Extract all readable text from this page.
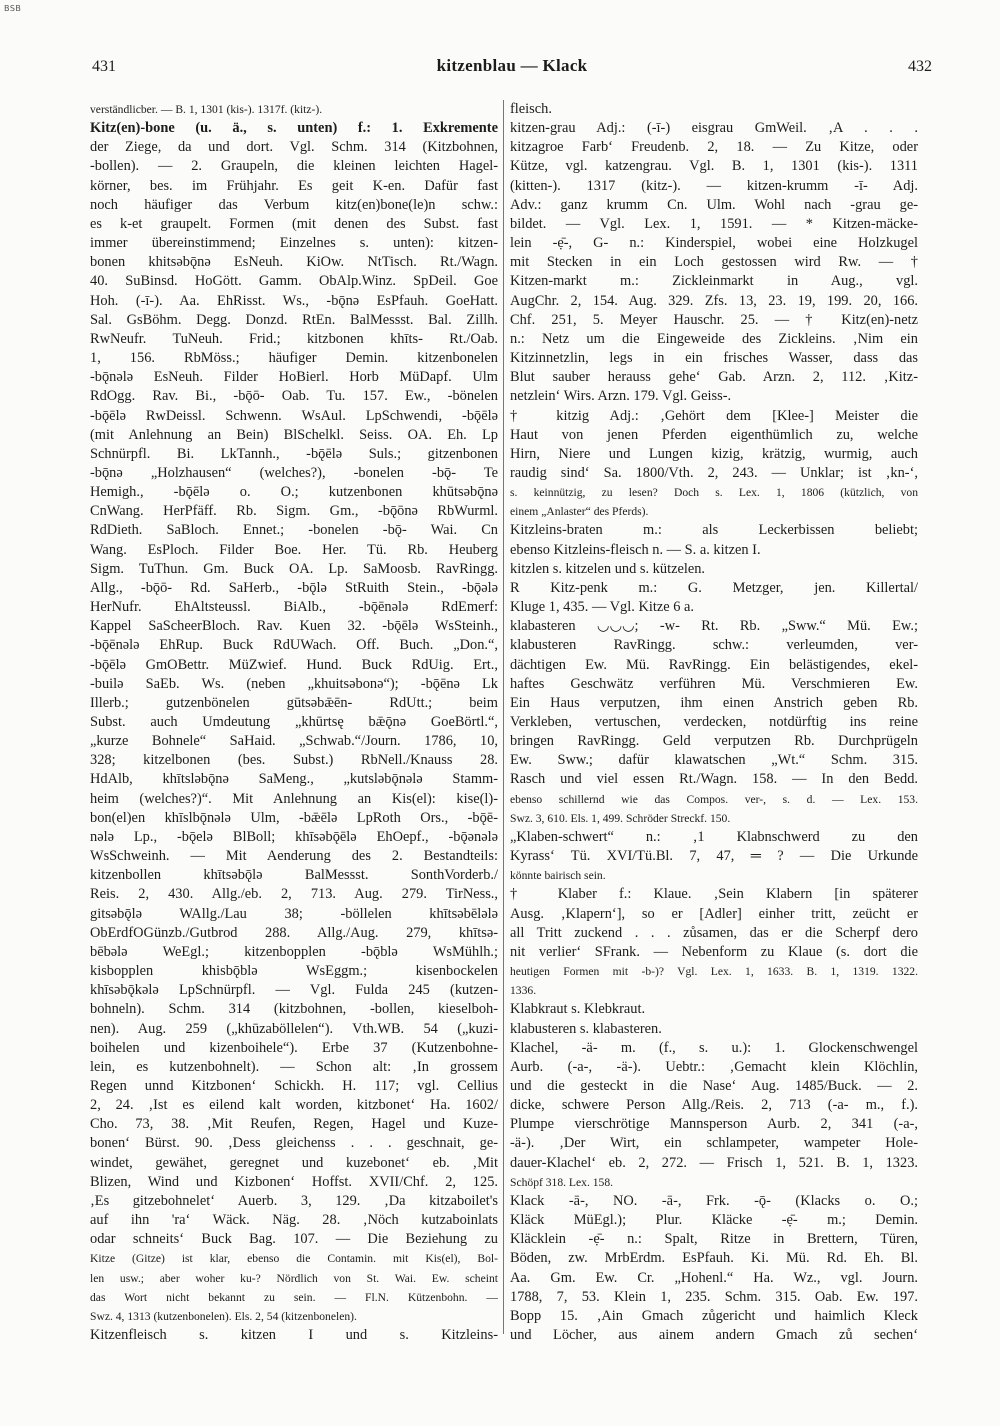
BSB
431	kitzenblau — Klack	432
verständlicber. — B. 1, 1301 (kis-). 1317f. (kitz-).
Kitz(en)-bone (u. ä., s. unten) f.: 1. Exkremente
der Ziege, da und dort. Vgl. Schm. 314 (Kitzbohnen,
-bollen). — 2. Graupeln, die kleinen leichten Hagel-
körner, bes. im Frühjahr. Es geit K-en. Dafür fast
noch häufiger das Verbum kitz(en)bone(le)n schw.:
es k-et graupelt. Formen (mit denen des Subst. fast
immer übereinstimmend; Einzelnes s. unten): kitzen-
bonen khitsəbǭnə EsNeuh. KiOw. NtTisch. Rt./Wagn.
40. SuBinsd. HoGött. Gamm. ObAlp.Winz. SpDeil. Goe
Hoh. (-ī-). Aa. EhRisst. Ws., -bǭnə EsPfauh. GoeHatt.
Sal. GsBöhm. Degg. Donzd. RtEn. BalMessst. Bal. Zillh.
RwNeufr. TuNeuh. Frid.; kitzbonen khīts- Rt./Oab.
1, 156. RbMöss.; häufiger Demin. kitzenbonelen
-bǭnələ EsNeuh. Filder HoBierl. Horb MüDapf. Ulm
RdOgg. Rav. Bi., -bǭō- Oab. Tu. 157. Ew., -bönelen
-bǭēlə RwDeissl. Schwenn. WsAul. LpSchwendi, -bǭēlə
(mit Anlehnung an Bein) BlSchelkl. Seiss. OA. Eh. Lp
Schnürpfl. Bi. LkTannh., -bǭēlə Suls.; gitzenbonen
-bǭnə „Holzhausen“ (welches?), -bonelen -bǭ- Te
Hemigh., -bǭēlə o. O.; kutzenbonen khūtsəbǭnə
CnWang. HerPfäff. Rb. Sigm. Gm., -bǭōnə RbWurml.
RdDieth. SaBloch. Ennet.; -bonelen -bǭ- Wai. Cn
Wang. EsPloch. Filder Boe. Her. Tü. Rb. Heuberg
Sigm. TuThun. Gm. Buck OA. Lp. SaMoosb. RavRingg.
Allg., -bǭō- Rd. SaHerb., -bǭlə StRuith Stein., -bǭələ
HerNufr. EhAltsteussl. BiAlb., -bǭēnələ RdEmerf:
Kappel SaScheerBloch. Rav. Kuen 32. -bǭēlə WsSteinh.,
-bǭēnələ EhRup. Buck RdUWach. Off. Buch. „Don.“,
-bǭēlə GmOBettr. MüZwief. Hund. Buck RdUig. Ert.,
-builə SaEb. Ws. (neben „khuitsəbonə“); -bǭēnə Lk
Illerb.; gutzenbönelen gūtsəbǣēn- RdUtt.; beim
Subst. auch Umdeutung „khūrtsę bǣǭnə GoeBörtl.“,
„kurze Bohnele“ SaHaid. „Schwab.“/Journ. 1786, 10,
328; kitzelbonen (bes. Subst.) RbNell./Knauss 28.
HdAlb, khītsləbǭnə SaMeng., „kutsləbǭnələ Stamm-
heim (welches?)“. Mit Anlehnung an Kis(el): kise(l)-
bon(el)en khīslbǭnələ Ulm, -bǣēlə LpRoth Ors., -bǭē-
nələ Lp., -bǭelə BlBoll; khīsəbǭēlə EhOepf., -bǭənələ
WsSchweinh. — Mit Aenderung des 2. Bestandteils:
kitzenbollen khītsəbǭlə BalMessst. SonthVorderb./
Reis. 2, 430. Allg./eb. 2, 713. Aug. 279. TirNess.,
gitsəbǭlə WAllg./Lau 38; -böllelen khītsəbēlələ
ObErdfOGünzb./Gutbrod 288. Allg./Aug. 279, khītsə-
bēbələ WeEgl.; kitzenbopplen -bǭblə WsMühlh.;
kisbopplen khisbǭblə WsEggm.; kisenbockelen
khīsəbǭkələ LpSchnürpfl. — Vgl. Fulda 245 (kutzen-
bohneln). Schm. 314 (kitzbohnen, -bollen, kieselboh-
nen). Aug. 259 („khūzaböllelen“). Vth.WB. 54 („kuzi-
boihelen und kizenboihele“). Erbe 37 (Kutzenbohne-
lein, es kutzenbohnelt). — Schon alt: ‚In grossem
Regen unnd Kitzbonen‘ Schickh. H. 117; vgl. Cellius
2, 24. ‚Ist es eilend kalt worden, kitzbonet‘ Ha. 1602/
Cho. 73, 38. ‚Mit Reufen, Regen, Hagel und Kuze-
bonen‘ Bürst. 90. ‚Dess gleichenss . . . geschnait, ge-
windet, gewähet, geregnet und kuzebonet‘ eb. ‚Mit
Blizen, Wind und Kizbonen‘ Hoffst. XVII/Chf. 2, 125.
‚Es gitzebohnelet‘ Auerb. 3, 129. ‚Da kitzaboilet's
auf ihn 'ra‘ Wäck. Näg. 28. ‚Nöch kutzaboinlats
odar schneits‘ Buck Bag. 107. — Die Beziehung zu
Kitze (Gitze) ist klar, ebenso die Contamin. mit Kis(el), Bol-
len usw.; aber woher ku-? Nördlich von St. Wai. Ew. scheint
das Wort nicht bekannt zu sein. — Fl.N. Kützenbohn. —
Swz. 4, 1313 (kutzenbonelen). Els. 2, 54 (kitzenbonelen).
Kitzenfleisch s. kitzen I und s. Kitzleins-
fleisch.
kitzen-grau Adj.: (-ī-) eisgrau GmWeil. ‚A . . .
kitzagroe Farb‘ Freudenb. 2, 18. — Zu Kitze, oder
Kütze, vgl. katzengrau. Vgl. B. 1, 1301 (kis-). 1311
(kitten-). 1317 (kitz-). — kitzen-krumm -ī- Adj.
Adv.: ganz krumm Cn. Ulm. Wohl nach -grau ge-
bildet. — Vgl. Lex. 1, 1591. — * Kitzen-mäcke-
lein -ẹ̄-, G- n.: Kinderspiel, wobei eine Holzkugel
mit Stecken in ein Loch gestossen wird Rw. — †
Kitzen-markt m.: Zickleinmarkt in Aug., vgl.
AugChr. 2, 154. Aug. 329. Zfs. 13, 23. 19, 199. 20, 166.
Chf. 251, 5. Meyer Hauschr. 25. — † Kitz(en)-netz
n.: Netz um die Eingeweide des Zickleins. ‚Nim ein
Kitzinnetzlin, legs in ein frisches Wasser, dass das
Blut sauber herauss gehe‘ Gab. Arzn. 2, 112. ‚Kitz-
netzlein‘ Wirs. Arzn. 179. Vgl. Geiss-.
† kitzig Adj.: ‚Gehört dem [Klee-] Meister die
Haut von jenen Pferden eigenthümlich zu, welche
Hirn, Niere und Lungen kizig, krätzig, wurmig, auch
raudig sind‘ Sa. 1800/Vth. 2, 243. — Unklar; ist ‚kn-‘,
s. keinnützig, zu lesen? Doch s. Lex. 1, 1806 (kützlich, von
einem „Anlaster“ des Pferds).
Kitzleins-braten m.: als Leckerbissen beliebt;
ebenso Kitzleins-fleisch n. — S. a. kitzen I.
kitzlen s. kitzelen und s. kützelen.
R Kitz-penk m.: G. Metzger, jen. Killertal/
Kluge 1, 435. — Vgl. Kitze 6 a.
klabasteren ◡◡◡; -w- Rt. Rb. „Sww.“ Mü. Ew.;
klabusteren RavRingg. schw.: verleumden, ver-
dächtigen Ew. Mü. RavRingg. Ein belästigendes, ekel-
haftes Geschwätz verführen Mü. Verschmieren Ew.
Ein Haus verputzen, ihm einen Anstrich geben Rb.
Verkleben, vertuschen, verdecken, notdürftig ins reine
bringen RavRingg. Geld verputzen Rb. Durchprügeln
Ew. Sww.; dafür klawatschen „Wt.“ Schm. 315.
Rasch und viel essen Rt./Wagn. 158. — In den Bedd.
ebenso schillernd wie das Compos. ver-, s. d. — Lex. 153.
Swz. 3, 610. Els. 1, 499. Schröder Streckf. 150.
„Klaben-schwert“ n.: ‚1 Klabnschwerd zu den
Kyrass‘ Tü. XVI/Tü.Bl. 7, 47, ═ ? — Die Urkunde
könnte bairisch sein.
† Klaber f.: Klaue. ‚Sein Klabern [in späterer
Ausg. ‚Klapern‘], so er [Adler] einher tritt, zeücht er
all Tritt zuckend . . . zůsamen, das er die Scherpf dero
nit verlier‘ SFrank. — Nebenform zu Klaue (s. dort die
heutigen Formen mit -b-)? Vgl. Lex. 1, 1633. B. 1, 1319. 1322.
1336.
Klabkraut s. Klebkraut.
klabusteren s. klabasteren.
Klachel, -ä- m. (f., s. u.): 1. Glockenschwengel
Aurb. (-a-, -ä-). Uebtr.: ‚Gemacht klein Klöchlin,
und die gesteckt in die Nase‘ Aug. 1485/Buck. — 2.
dicke, schwere Person Allg./Reis. 2, 713 (-a- m., f.).
Plumpe vierschrötige Mannsperson Aurb. 2, 341 (-a-,
-ä-). ‚Der Wirt, ein schlampeter, wampeter Hole-
dauer-Klachel‘ eb. 2, 272. — Frisch 1, 521. B. 1, 1323.
Schöpf 318. Lex. 158.
Klack -ā-, NO. -ā-, Frk. -ǭ- (Klacks o. O.;
Kläck MüEgl.); Plur. Kläcke -ẹ̄- m.; Demin.
Kläcklein -ẹ̄- n.: Spalt, Ritze in Brettern, Türen,
Böden, zw. MrbErdm. EsPfauh. Ki. Mü. Rd. Eh. Bl.
Aa. Gm. Ew. Cr. „Hohenl.“ Ha. Wz., vgl. Journ.
1788, 7, 53. Klein 1, 235. Schm. 315. Oab. Ew. 197.
Bopp 15. ‚Ain Gmach zůgericht und haimlich Kleck
und Löcher, aus ainem andern Gmach zů sechen‘
